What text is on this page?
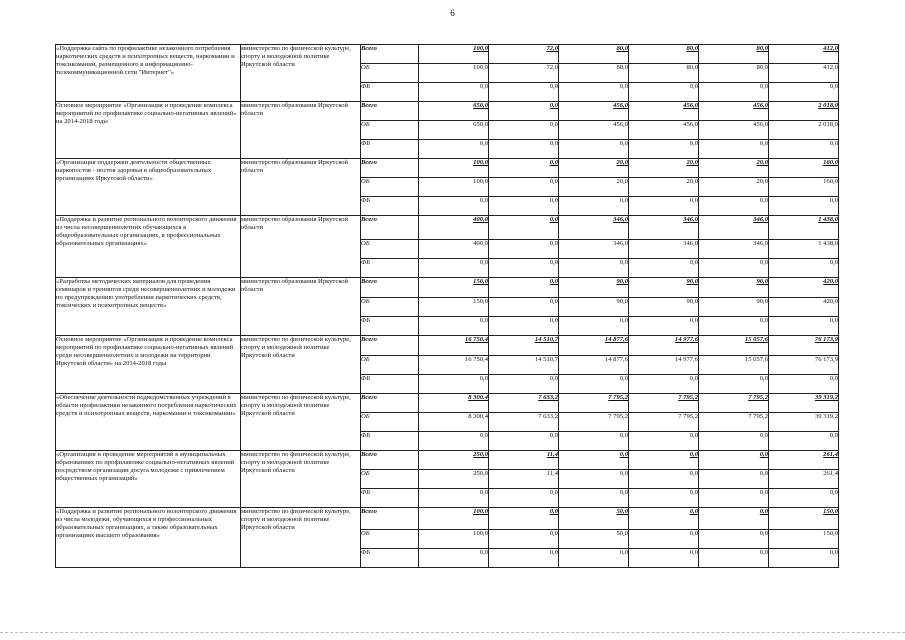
6
«Поддержка сайта по профилактике незаконного потребления наркотических средств и психотропных веществ, наркомании и токсикомании, размещенного в информационно-телекоммуникационной сети "Интернет"»	министерство по физической культуре, спорту и молодежной политике Иркутской области	Всего	100,0	72,0	80,0	80,0	80,0	412,0
		ОБ	100,0	72,0	80,0	80,0	80,0	412,0
		ФБ	0,0	0,0	0,0	0,0	0,0	0,0
Основное мероприятие «Организация и проведение комплекса мероприятий по профилактике социально-негативных явлений» на 2014-2018 годы	министерство образования Иркутской области	Всего	650,0	0,0	456,0	456,0	456,0	2 018,0
		ОБ	650,0	0,0	456,0	456,0	456,0	2 018,0
		ФБ	0,0	0,0	0,0	0,0	0,0	0,0
«Организация поддержки деятельности общественных наркопостов - постов здоровья в общеобразовательных организациях Иркутской области»	министерство образования Иркутской области	Всего	100,0	0,0	20,0	20,0	20,0	160,0
		ОБ	100,0	0,0	20,0	20,0	20,0	160,0
		ФБ	0,0	0,0	0,0	0,0	0,0	0,0
«Поддержка и развитие регионального волонтерского движения из числа несовершеннолетних обучающихся в общеобразовательных организациях, в профессиональных образовательных организациях»	министерство образования Иркутской области	Всего	400,0	0,0	346,0	346,0	346,0	1 438,0
		ОБ	400,0	0,0	346,0	346,0	346,0	1 438,0
		ФБ	0,0	0,0	0,0	0,0	0,0	0,0
«Разработка методических материалов для проведения семинаров и тренингов среди несовершеннолетних и молодежи по предупреждению употребления наркотических средств, токсических и психотропных веществ»	министерство образования Иркутской области	Всего	150,0	0,0	90,0	90,0	90,0	420,0
		ОБ	150,0	0,0	90,0	90,0	90,0	420,0
		ФБ	0,0	0,0	0,0	0,0	0,0	0,0
Основное мероприятие «Организация и проведение комплекса мероприятий по профилактике социально-негативных явлений среди несовершеннолетних и молодежи на территории Иркутской области» на 2014-2018 годы	министерство по физической культуре, спорту и молодежной политике Иркутской области	Всего	16 750,4	14 510,7	14 877,6	14 977,6	15 057,6	76 173,9
		ОБ	16 750,4	14 510,7	14 877,6	14 977,6	15 057,6	76 173,9
		ФБ	0,0	0,0	0,0	0,0	0,0	0,0
«Обеспечение деятельности подведомственных учреждений в области профилактики незаконного потребления наркотических средств и психотропных веществ, наркомании и токсикомании»	министерство по физической культуре, спорту и молодежной политике Иркутской области	Всего	8 300,4	7 633,2	7 795,2	7 795,2	7 795,2	39 319,2
		ОБ	8 300,4	7 633,2	7 795,2	7 795,2	7 795,2	39 319,2
		ФБ	0,0	0,0	0,0	0,0	0,0	0,0
«Организация и проведение мероприятий в муниципальных образованиях по профилактике социально-негативных явлений посредством организации досуга молодежи с привлечением общественных организаций»	министерство по физической культуре, спорту и молодежной политике Иркутской области	Всего	250,0	11,4	0,0	0,0	0,0	261,4
		ОБ	250,0	11,4	0,0	0,0	0,0	261,4
		ФБ	0,0	0,0	0,0	0,0	0,0	0,0
«Поддержка и развитие регионального волонтерского движения из числа молодежи, обучающихся в профессиональных образовательных организациях, а также образовательных организациях высшего образования»	министерство по физической культуре, спорту и молодежной политике Иркутской области	Всего	100,0	0,0	50,0	0,0	0,0	150,0
		ОБ	100,0	0,0	50,0	0,0	0,0	150,0
		ФБ	0,0	0,0	0,0	0,0	0,0	0,0
